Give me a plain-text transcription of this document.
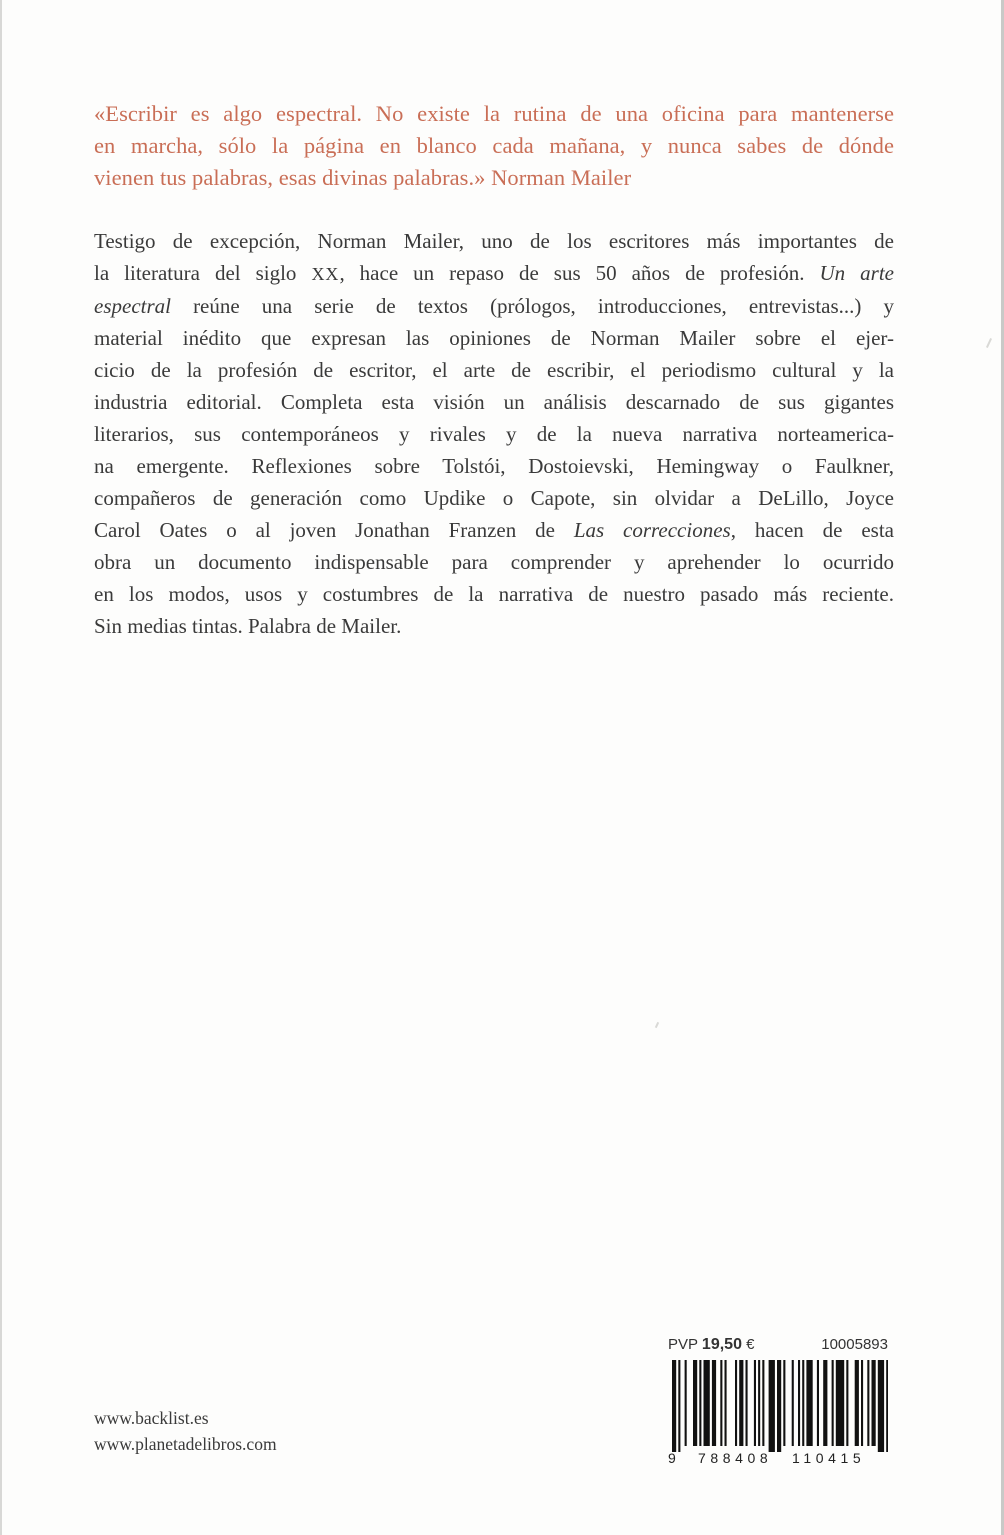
«Escribir es algo espectral. No existe la rutina de una oficina para mantenerse
en marcha, sólo la página en blanco cada mañana, y nunca sabes de dónde
vienen tus palabras, esas divinas palabras.» Norman Mailer
Testigo de excepción, Norman Mailer, uno de los escritores más importantes de
la literatura del siglo XX, hace un repaso de sus 50 años de profesión. Un arte
espectral reúne una serie de textos (prólogos, introducciones, entrevistas...) y
material inédito que expresan las opiniones de Norman Mailer sobre el ejer-
cicio de la profesión de escritor, el arte de escribir, el periodismo cultural y la
industria editorial. Completa esta visión un análisis descarnado de sus gigantes
literarios, sus contemporáneos y rivales y de la nueva narrativa norteamerica-
na emergente. Reflexiones sobre Tolstói, Dostoievski, Hemingway o Faulkner,
compañeros de generación como Updike o Capote, sin olvidar a DeLillo, Joyce
Carol Oates o al joven Jonathan Franzen de Las correcciones, hacen de esta
obra un documento indispensable para comprender y aprehender lo ocurrido
en los modos, usos y costumbres de la narrativa de nuestro pasado más reciente.
Sin medias tintas. Palabra de Mailer.
www.backlist.es
www.planetadelibros.com
PVP 19,50 €	10005893
9 788408 110415
